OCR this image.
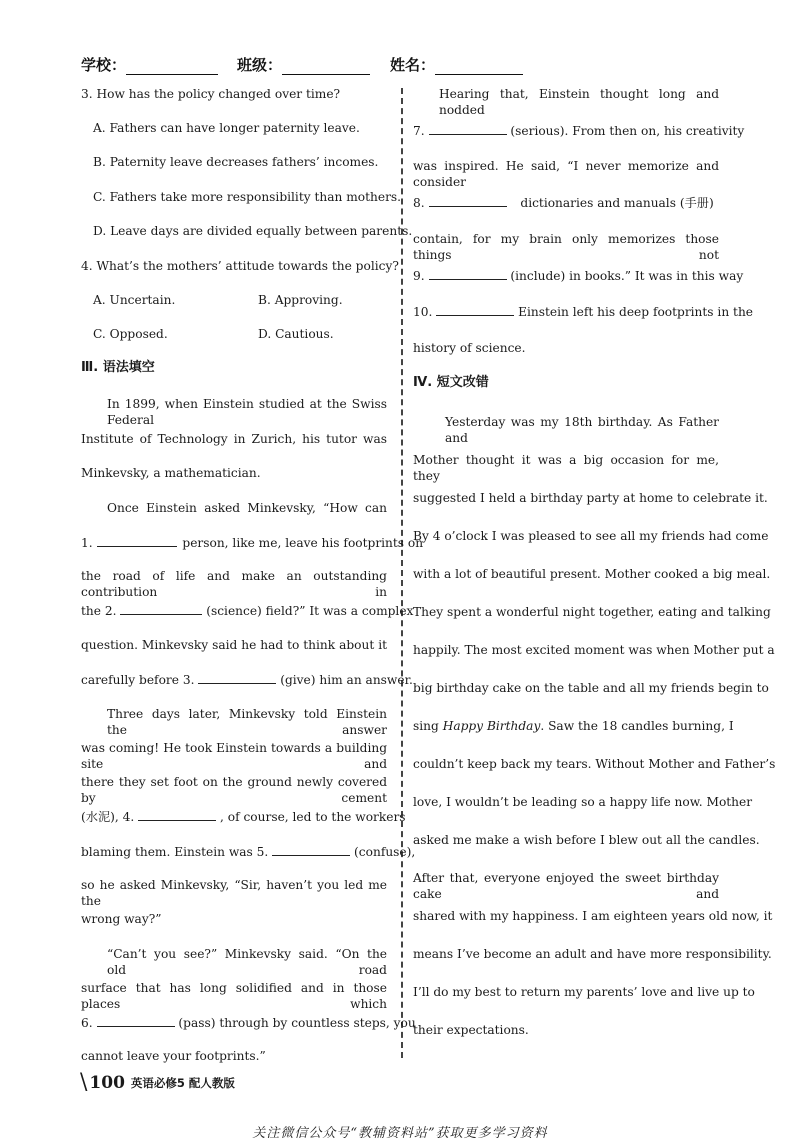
学校：	班级：	姓名：
3. How has the policy changed over time?
A. Fathers can have longer paternity leave.
B. Paternity leave decreases fathers’ incomes.
C. Fathers take more responsibility than mothers.
D. Leave days are divided equally between parents.
4. What’s the mothers’ attitude towards the policy?
A. Uncertain.	B. Approving.
C. Opposed.	D. Cautious.
Ⅲ. 语法填空
In 1899, when Einstein studied at the Swiss Federal
Institute of Technology in Zurich, his tutor was
Minkevsky, a mathematician.
Once Einstein asked Minkevsky, “How can
1.	person, like me, leave his footprints on
the road of life and make an outstanding contribution in
the 2.	(science) field?” It was a complex
question. Minkevsky said he had to think about it
carefully before 3.	(give) him an answer.
Three days later, Minkevsky told Einstein the answer
was coming! He took Einstein towards a building site and
there they set foot on the ground newly covered by cement
(水泥), 4.	, of course, led to the workers
blaming them. Einstein was 5.	(confuse),
so he asked Minkevsky, “Sir, haven’t you led me the
wrong way?”
“Can’t you see?” Minkevsky said. “On the old road
surface that has long solidified and in those places which
6.	(pass) through by countless steps, you
cannot leave your footprints.”
Hearing that, Einstein thought long and nodded
7.	(serious). From then on, his creativity
was inspired. He said, “I never memorize and consider
8.	dictionaries and manuals (手册)
contain, for my brain only memorizes those things not
9.	(include) in books.” It was in this way
10.	Einstein left his deep footprints in the
history of science.
Ⅳ. 短文改错
Yesterday was my 18th birthday. As Father and
Mother thought it was a big occasion for me, they
suggested I held a birthday party at home to celebrate it.
By 4 o’clock I was pleased to see all my friends had come
with a lot of beautiful present. Mother cooked a big meal.
They spent a wonderful night together, eating and talking
happily. The most excited moment was when Mother put a
big birthday cake on the table and all my friends begin to
sing Happy Birthday. Saw the 18 candles burning, I
couldn’t keep back my tears. Without Mother and Father’s
love, I wouldn’t be leading so a happy life now. Mother
asked me make a wish before I blew out all the candles.
After that, everyone enjoyed the sweet birthday cake and
shared with my happiness. I am eighteen years old now, it
means I’ve become an adult and have more responsibility.
I’ll do my best to return my parents’ love and live up to
their expectations.
\ 100 英语必修5 配人教版
关注微信公众号“教辅资料站”获取更多学习资料
